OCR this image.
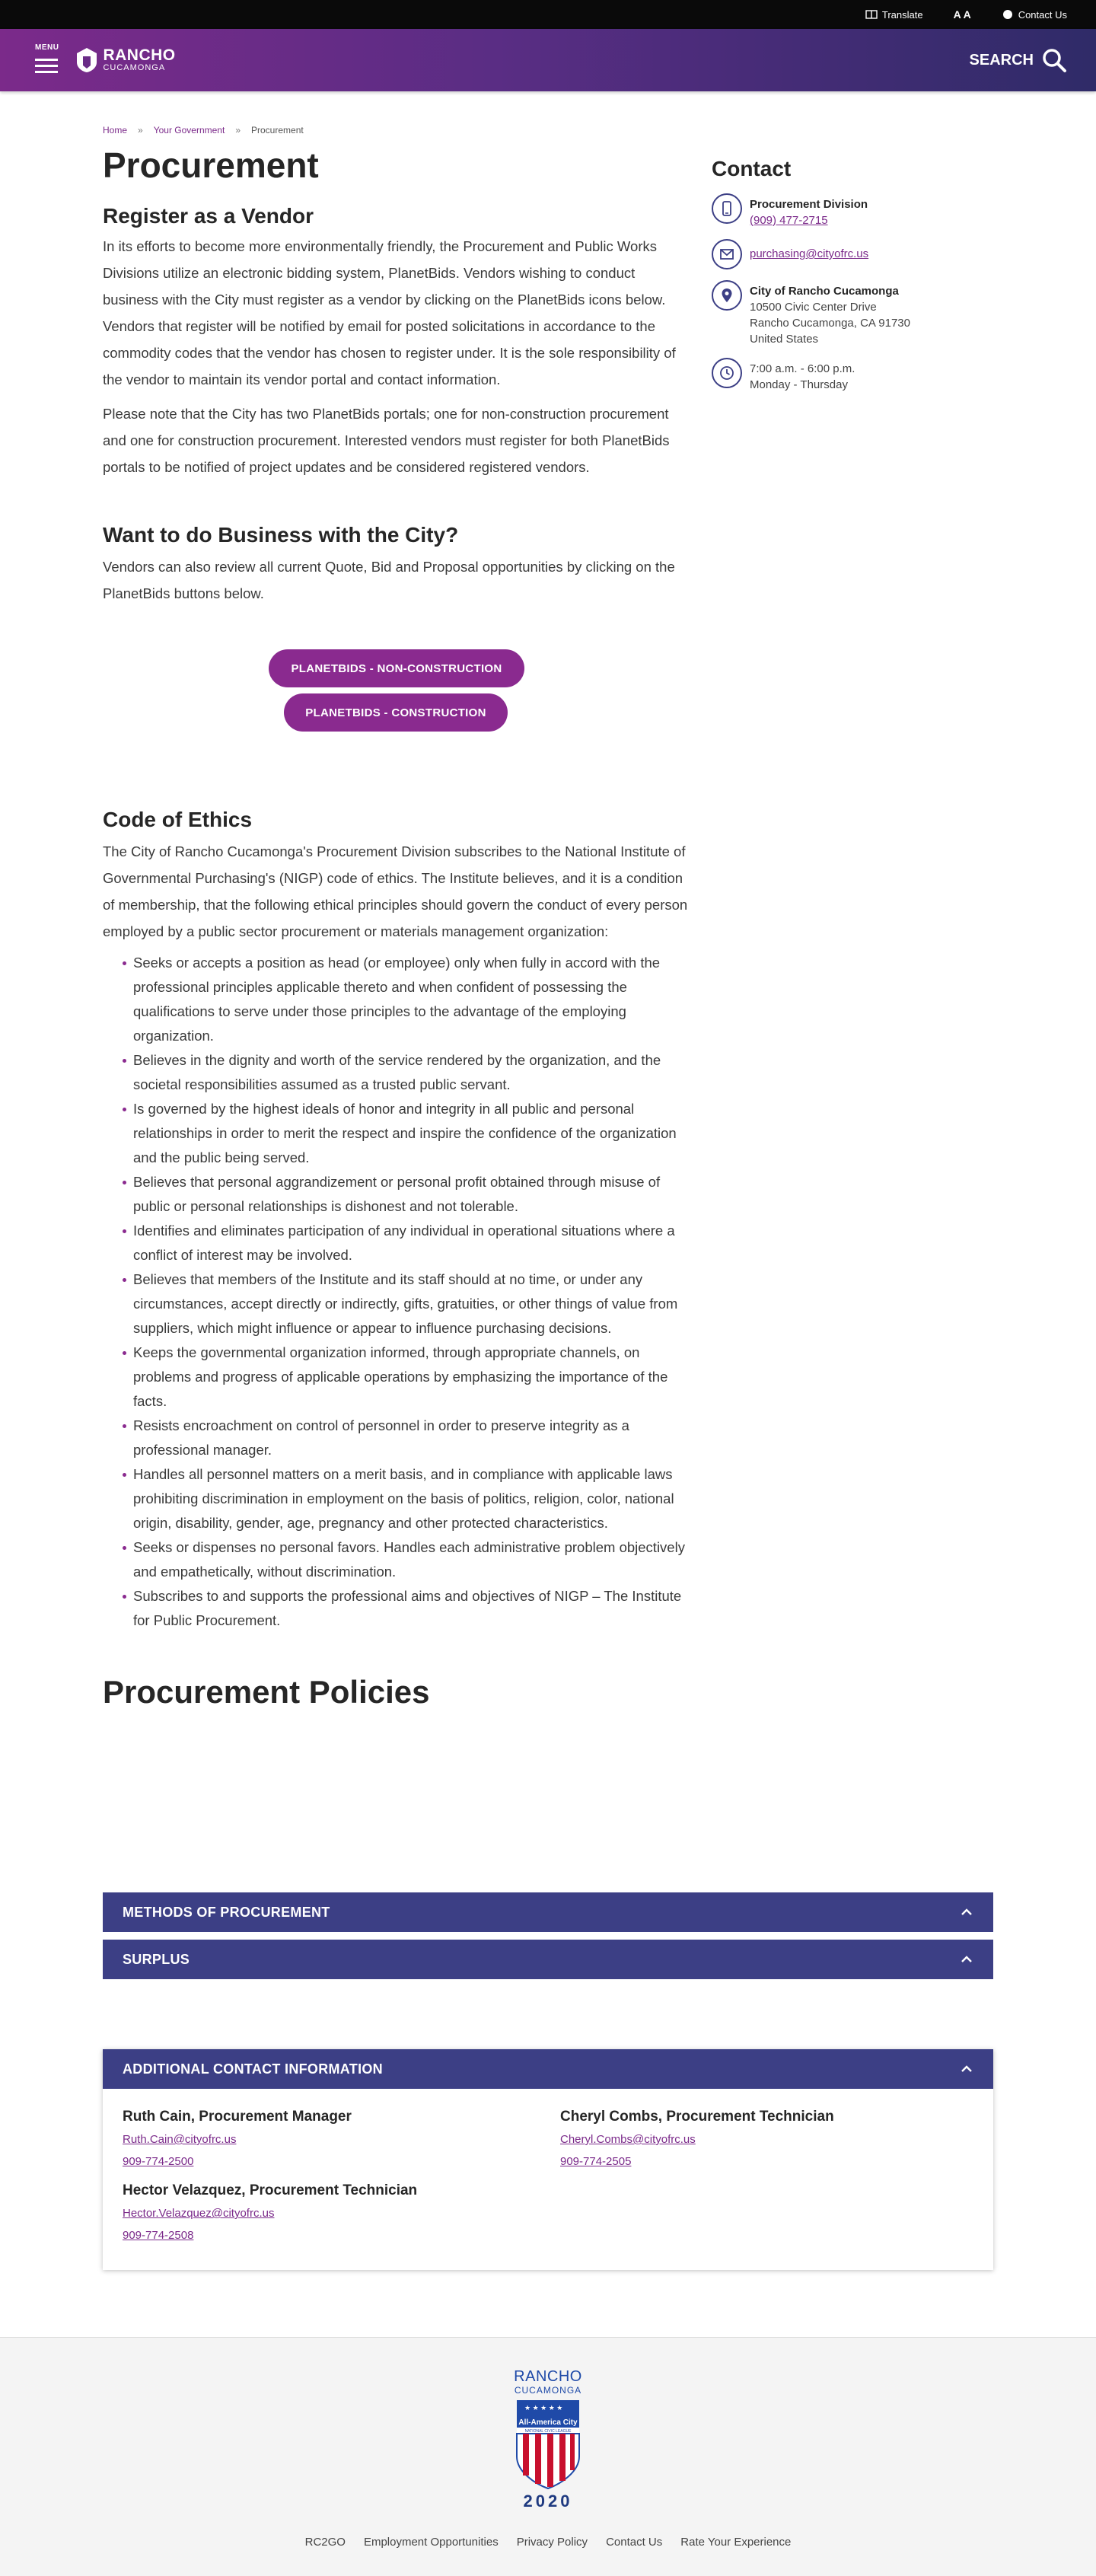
Translate	A A	Contact Us
MENU	RANCHO
CUCAMONGA	SEARCH
Home » Your Government » Procurement
Procurement
Register as a Vendor

In its efforts to become more environmentally friendly, the Procurement and Public Works Divisions utilize an electronic bidding system, PlanetBids. Vendors wishing to conduct business with the City must register as a vendor by clicking on the PlanetBids icons below. Vendors that register will be notified by email for posted solicitations in accordance to the commodity codes that the vendor has chosen to register under. It is the sole responsibility of the vendor to maintain its vendor portal and contact information.

Please note that the City has two PlanetBids portals; one for non-construction procurement and one for construction procurement. Interested vendors must register for both PlanetBids portals to be notified of project updates and be considered registered vendors.

Want to do Business with the City?

Vendors can also review all current Quote, Bid and Proposal opportunities by clicking on the PlanetBids buttons below.

PLANETBIDS - NON-CONSTRUCTION
PLANETBIDS - CONSTRUCTION
Code of Ethics

The City of Rancho Cucamonga's Procurement Division subscribes to the National Institute of Governmental Purchasing's (NIGP) code of ethics. The Institute believes, and it is a condition of membership, that the following ethical principles should govern the conduct of every person employed by a public sector procurement or materials management organization:

Seeks or accepts a position as head (or employee) only when fully in accord with the professional principles applicable thereto and when confident of possessing the qualifications to serve under those principles to the advantage of the employing organization.
Believes in the dignity and worth of the service rendered by the organization, and the societal responsibilities assumed as a trusted public servant.
Is governed by the highest ideals of honor and integrity in all public and personal relationships in order to merit the respect and inspire the confidence of the organization and the public being served.
Believes that personal aggrandizement or personal profit obtained through misuse of public or personal relationships is dishonest and not tolerable.
Identifies and eliminates participation of any individual in operational situations where a conflict of interest may be involved.
Believes that members of the Institute and its staff should at no time, or under any circumstances, accept directly or indirectly, gifts, gratuities, or other things of value from suppliers, which might influence or appear to influence purchasing decisions.
Keeps the governmental organization informed, through appropriate channels, on problems and progress of applicable operations by emphasizing the importance of the facts.
Resists encroachment on control of personnel in order to preserve integrity as a professional manager.
Handles all personnel matters on a merit basis, and in compliance with applicable laws prohibiting discrimination in employment on the basis of politics, religion, color, national origin, disability, gender, age, pregnancy and other protected characteristics.
Seeks or dispenses no personal favors. Handles each administrative problem objectively and empathetically, without discrimination.
Subscribes to and supports the professional aims and objectives of NIGP – The Institute for Public Procurement.
Procurement Policies
Contact
Procurement Division
(909) 477-2715
purchasing@cityofrc.us
City of Rancho Cucamonga
10500 Civic Center Drive
Rancho Cucamonga, CA 91730
United States
7:00 a.m. - 6:00 p.m.
Monday - Thursday
METHODS OF PROCUREMENT
SURPLUS
ADDITIONAL CONTACT INFORMATION
Ruth Cain, Procurement Manager
Ruth.Cain@cityofrc.us
909-774-2500
Cheryl Combs, Procurement Technician
Cheryl.Combs@cityofrc.us
909-774-2505
Hector Velazquez, Procurement Technician
Hector.Velazquez@cityofrc.us
909-774-2508
RANCHO
CUCAMONGA
★ ★ ★ ★ ★
All-America City
NATIONAL CIVIC LEAGUE
2020
RC2GO Employment Opportunities Privacy Policy Contact Us Rate Your Experience
